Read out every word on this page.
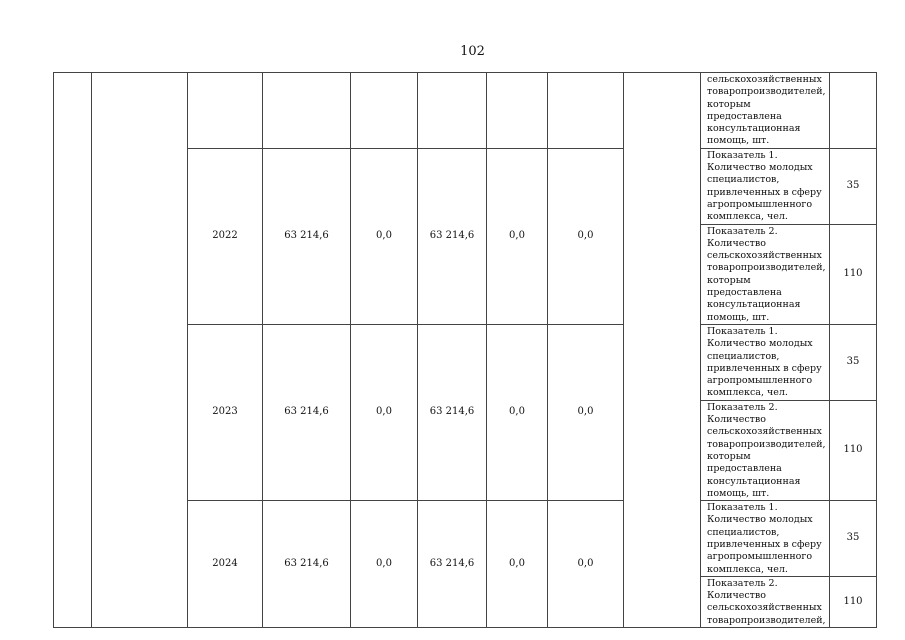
102
									сельскохозяйственных товаропроизводителей, которым предоставлена консультационная помощь, шт.	
		2022	63 214,6	0,0	63 214,6	0,0	0,0		Показатель 1. Количество молодых специалистов, привлеченных в сферу агропромышленного комплекса, чел.	35
									Показатель 2. Количество сельскохозяйственных товаропроизводителей, которым предоставлена консультационная помощь, шт.	110
		2023	63 214,6	0,0	63 214,6	0,0	0,0		Показатель 1. Количество молодых специалистов, привлеченных в сферу агропромышленного комплекса, чел.	35
									Показатель 2. Количество сельскохозяйственных товаропроизводителей, которым предоставлена консультационная помощь, шт.	110
		2024	63 214,6	0,0	63 214,6	0,0	0,0		Показатель 1. Количество молодых специалистов, привлеченных в сферу агропромышленного комплекса, чел.	35
									Показатель 2. Количество сельскохозяйственных товаропроизводителей,	110
